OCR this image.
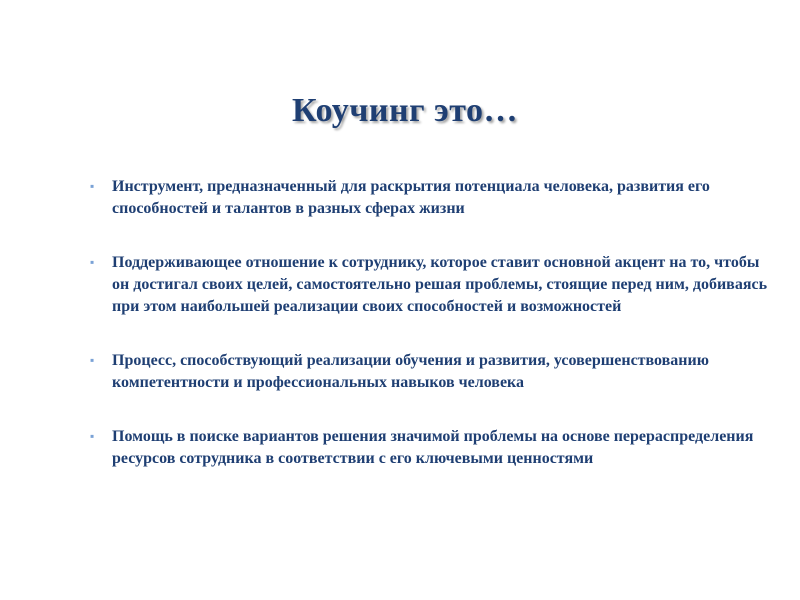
Коучинг это…
▪ Инструмент, предназначенный для раскрытия потенциала человека, развития его способностей и талантов в разных сферах жизни
▪ Поддерживающее отношение к сотруднику, которое ставит основной акцент на то, чтобы он достигал своих целей, самостоятельно решая проблемы, стоящие перед ним, добиваясь при этом наибольшей реализации своих способностей и возможностей
▪ Процесс, способствующий реализации обучения и развития, усовершенствованию компетентности и профессиональных навыков человека
▪ Помощь в поиске вариантов решения значимой проблемы на основе перераспределения ресурсов сотрудника в соответствии с его ключевыми ценностями
